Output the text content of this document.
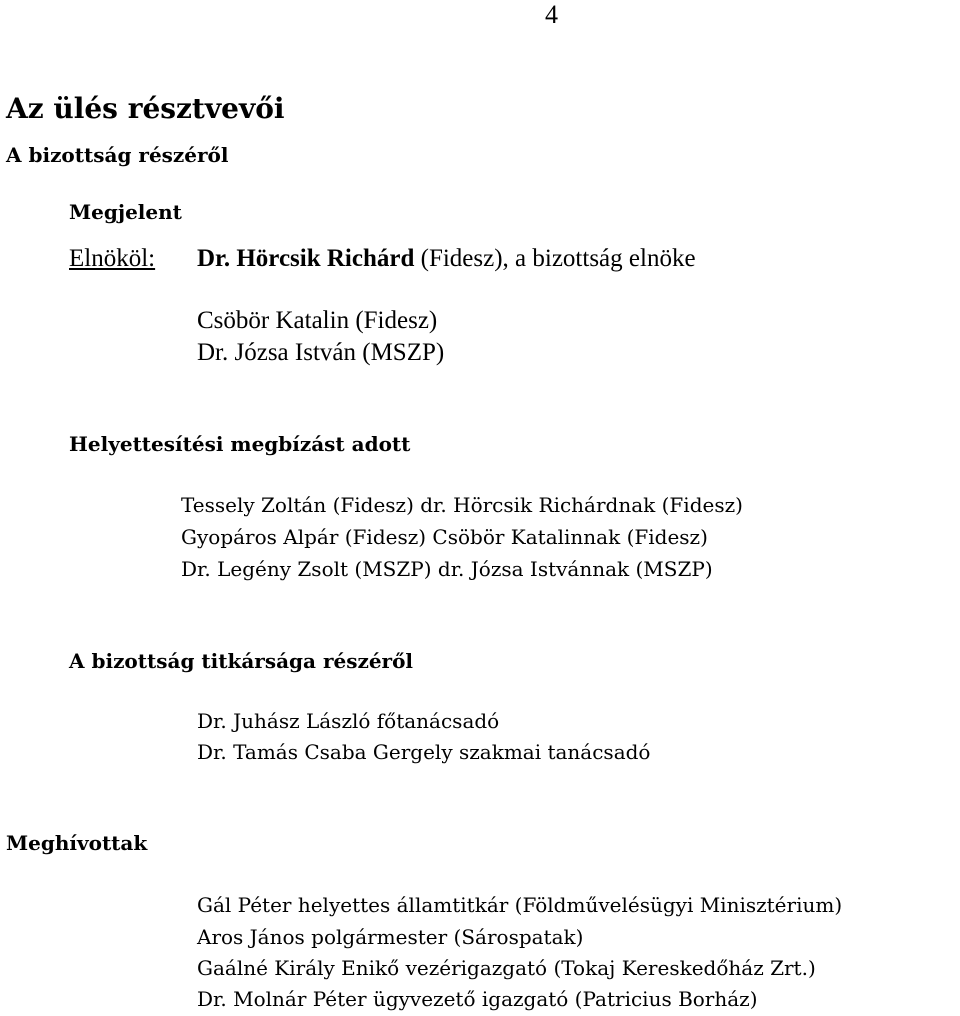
4
Az ülés résztvevői
A bizottság részéről
Megjelent
Elnököl: Dr. Hörcsik Richárd (Fidesz), a bizottság elnöke
Csöbör Katalin (Fidesz)
Dr. Józsa István (MSZP)
Helyettesítési megbízást adott
Tessely Zoltán (Fidesz) dr. Hörcsik Richárdnak (Fidesz)
Gyopáros Alpár (Fidesz) Csöbör Katalinnak (Fidesz)
Dr. Legény Zsolt (MSZP) dr. Józsa Istvánnak (MSZP)
A bizottság titkársága részéről
Dr. Juhász László főtanácsadó
Dr. Tamás Csaba Gergely szakmai tanácsadó
Meghívottak
Gál Péter helyettes államtitkár (Földművelésügyi Minisztérium)
Aros János polgármester (Sárospatak)
Gaálné Király Enikő vezérigazgató (Tokaj Kereskedőház Zrt.)
Dr. Molnár Péter ügyvezető igazgató (Patricius Borház)
